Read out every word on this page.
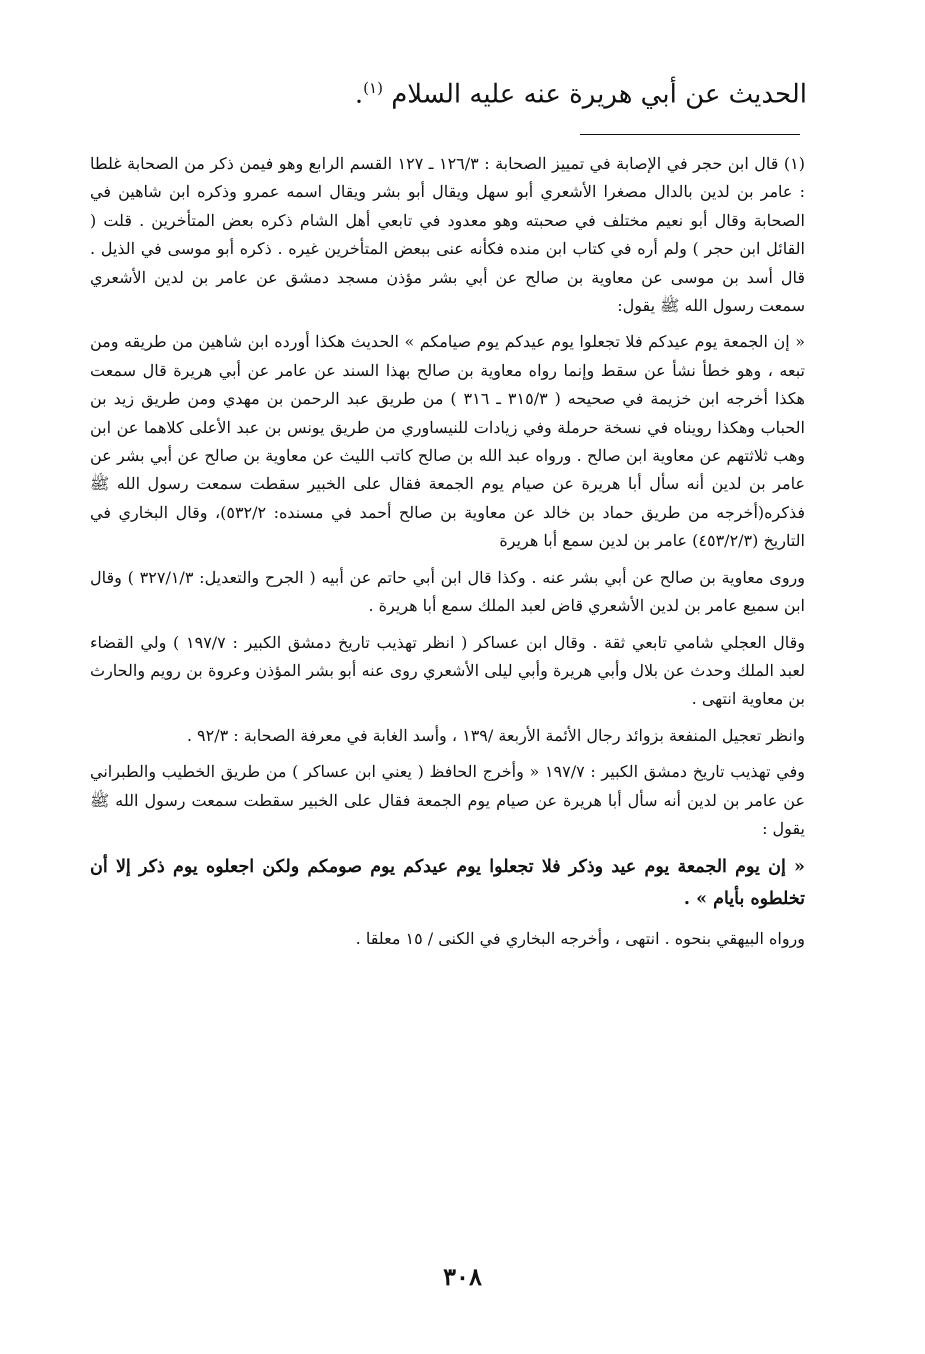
الحديث عن أبي هريرة عنه عليه السلام $^{(١)}$.

(١) قال ابن حجر في الإصابة في تمييز الصحابة : ١٢٦/٣ ـ ١٢٧ القسم الرابع وهو فيمن ذكر من الصحابة غلطا : عامر بن لدين بالدال مصغرا الأشعري أبو سهل ويقال أبو بشر ويقال اسمه عمرو وذكره ابن شاهين في الصحابة وقال أبو نعيم مختلف في صحبته وهو معدود في تابعي أهل الشام ذكره بعض المتأخرين . قلت ( القائل ابن حجر ) ولم أره في كتاب ابن منده فكأنه عنى ببعض المتأخرين غيره . ذكره أبو موسى في الذيل . قال أسد بن موسى عن معاوية بن صالح عن أبي بشر مؤذن مسجد دمشق عن عامر بن لدين الأشعري سمعت رسول الله ﷺ يقول:

« إن الجمعة يوم عيدكم فلا تجعلوا يوم عيدكم يوم صيامكم » الحديث هكذا أورده ابن شاهين من طريقه ومن تبعه ، وهو خطأ نشأ عن سقط وإنما رواه معاوية بن صالح بهذا السند عن عامر عن أبي هريرة قال سمعت هكذا أخرجه ابن خزيمة في صحيحه ( ٣١٥/٣ ـ ٣١٦ ) من طريق عبد الرحمن بن مهدي ومن طريق زيد بن الحباب وهكذا رويناه في نسخة حرملة وفي زيادات للنيساوري من طريق يونس بن عبد الأعلى كلاهما عن ابن وهب ثلاثتهم عن معاوية ابن صالح . ورواه عبد الله بن صالح كاتب الليث عن معاوية بن صالح عن أبي بشر عن عامر بن لدين أنه سأل أبا هريرة عن صيام يوم الجمعة فقال على الخبير سقطت سمعت رسول الله ﷺ فذكره(أخرجه من طريق حماد بن خالد عن معاوية بن صالح أحمد في مسنده: ٥٣٢/٢)، وقال البخاري في التاريخ (٤٥٣/٢/٣) عامر بن لدين سمع أبا هريرة

وروى معاوية بن صالح عن أبي بشر عنه . وكذا قال ابن أبي حاتم عن أبيه ( الجرح والتعديل: ٣٢٧/١/٣ ) وقال ابن سميع عامر بن لدين الأشعري قاض لعبد الملك سمع أبا هريرة .

وقال العجلي شامي تابعي ثقة . وقال ابن عساكر ( انظر تهذيب تاريخ دمشق الكبير : ١٩٧/٧ ) ولي القضاء لعبد الملك وحدث عن بلال وأبي هريرة وأبي ليلى الأشعري روى عنه أبو بشر المؤذن وعروة بن رويم والحارث بن معاوية انتهى .

وانظر تعجيل المنفعة بزوائد رجال الأئمة الأربعة /١٣٩ ، وأسد الغابة في معرفة الصحابة : ٩٢/٣ .

وفي تهذيب تاريخ دمشق الكبير : ١٩٧/٧ « وأخرج الحافظ ( يعني ابن عساكر ) من طريق الخطيب والطبراني عن عامر بن لدين أنه سأل أبا هريرة عن صيام يوم الجمعة فقال على الخبير سقطت سمعت رسول الله ﷺ يقول :

« إن يوم الجمعة يوم عيد وذكر فلا تجعلوا يوم عيدكم يوم صومكم ولكن اجعلوه يوم ذكر إلا أن تخلطوه بأيام » .

ورواه البيهقي بنحوه . انتهى ، وأخرجه البخاري في الكنى / ١٥ معلقا .

٣٠٨
